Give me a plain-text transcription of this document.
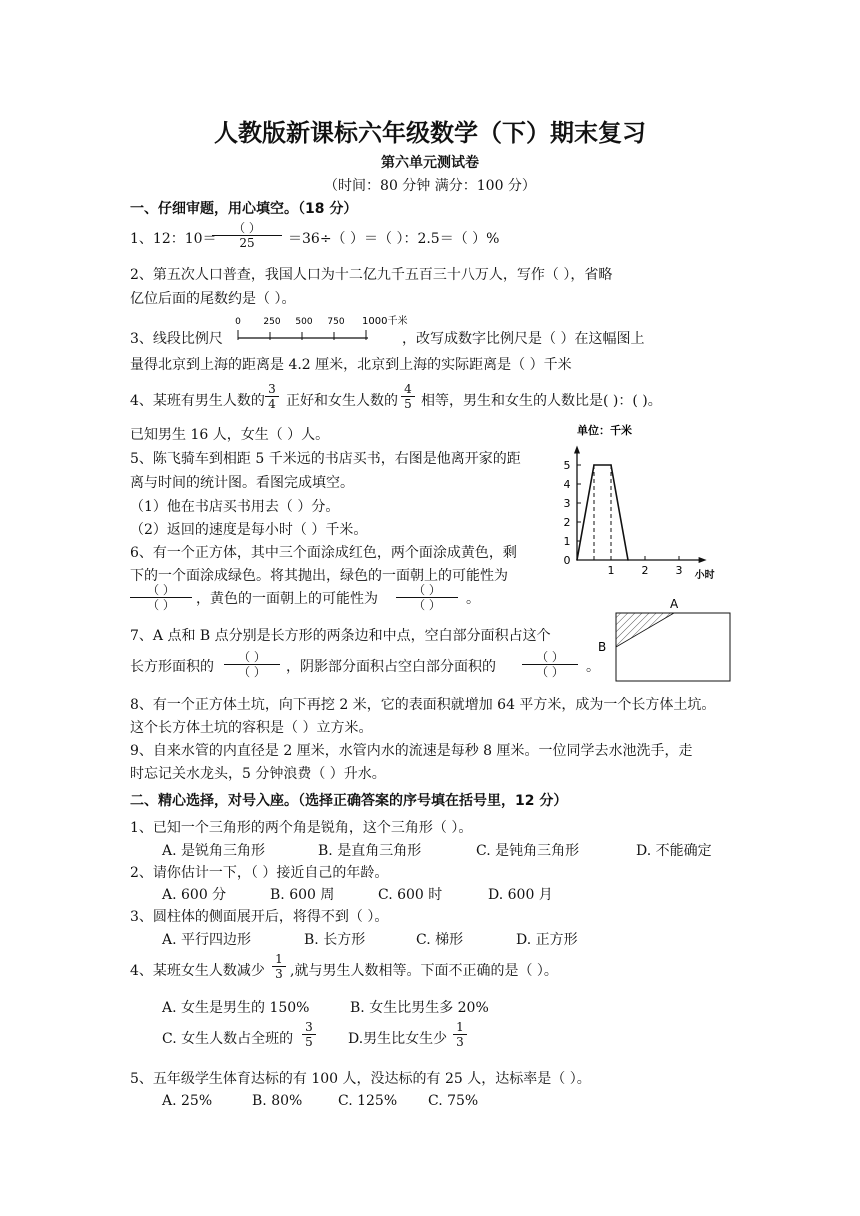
人教版新课标六年级数学（下）期末复习
第六单元测试卷
（时间：80 分钟 满分：100 分）
一、仔细审题，用心填空。（18 分）
1、12：10＝
（ ）
25	＝36÷（ ）＝（ ）：2.5＝（ ）%
2、第五次人口普查，我国人口为十二亿九千五百三十八万人，写作（ ），省略
亿位后面的尾数约是（ ）。
3、线段比例尺
0	250 500 750 1000千米
，改写成数字比例尺是（ ）在这幅图上
量得北京到上海的距离是 4.2 厘米，北京到上海的实际距离是（ ）千米
4、某班有男生人数的 $\frac{3}{4}$ 正好和女生人数的 $\frac{4}{5}$ 相等，男生和女生的人数比是( )：( )。
已知男生 16 人，女生（ ）人。
5、陈飞骑车到相距 5 千米远的书店买书，右图是他离开家的距
离与时间的统计图。看图完成填空。
（1）他在书店买书用去（ ）分。
（2）返回的速度是每小时（ ）千米。
单位：千米
0
1
2
3
4
5
1 2 3 小时
6、有一个正方体，其中三个面涂成红色，两个面涂成黄色，剩
下的一个面涂成绿色。将其抛出，绿色的一面朝上的可能性为
（ ）
（ ）	，黄色的一面朝上的可能性为
（ ）
（ ）	。
7、A 点和 B 点分别是长方形的两条边和中点，空白部分面积占这个
长方形面积的
（ ）
（ ）	，阴影部分面积占空白部分面积的
（ ）
（ ）	。
A
B
8、有一个正方体土坑，向下再挖 2 米，它的表面积就增加 64 平方米，成为一个长方体土坑。
这个长方体土坑的容积是（ ）立方米。
9、自来水管的内直径是 2 厘米，水管内水的流速是每秒 8 厘米。一位同学去水池洗手，走
时忘记关水龙头，5 分钟浪费（ ）升水。
二、精心选择，对号入座。（选择正确答案的序号填在括号里，12 分）
1、已知一个三角形的两个角是锐角，这个三角形（ ）。
A. 是锐角三角形	B. 是直角三角形	C. 是钝角三角形	D. 不能确定
2、请你估计一下，（ ）接近自己的年龄。
A. 600 分	B. 600 周	C. 600 时	D. 600 月
3、圆柱体的侧面展开后，将得不到（ ）。
A. 平行四边形	B. 长方形	C. 梯形	D. 正方形
4、某班女生人数减少 $\frac{1}{3}$ ,就与男生人数相等。下面不正确的是（ ）。
A. 女生是男生的 150%	B. 女生比男生多 20%
C. 女生人数占全班的 $\frac{3}{5} D$.男生比女生少 $\frac{1}{3}$
5、五年级学生体育达标的有 100 人，没达标的有 25 人，达标率是（ ）。
A. 25%	B. 80%	C. 125% C. 75%
